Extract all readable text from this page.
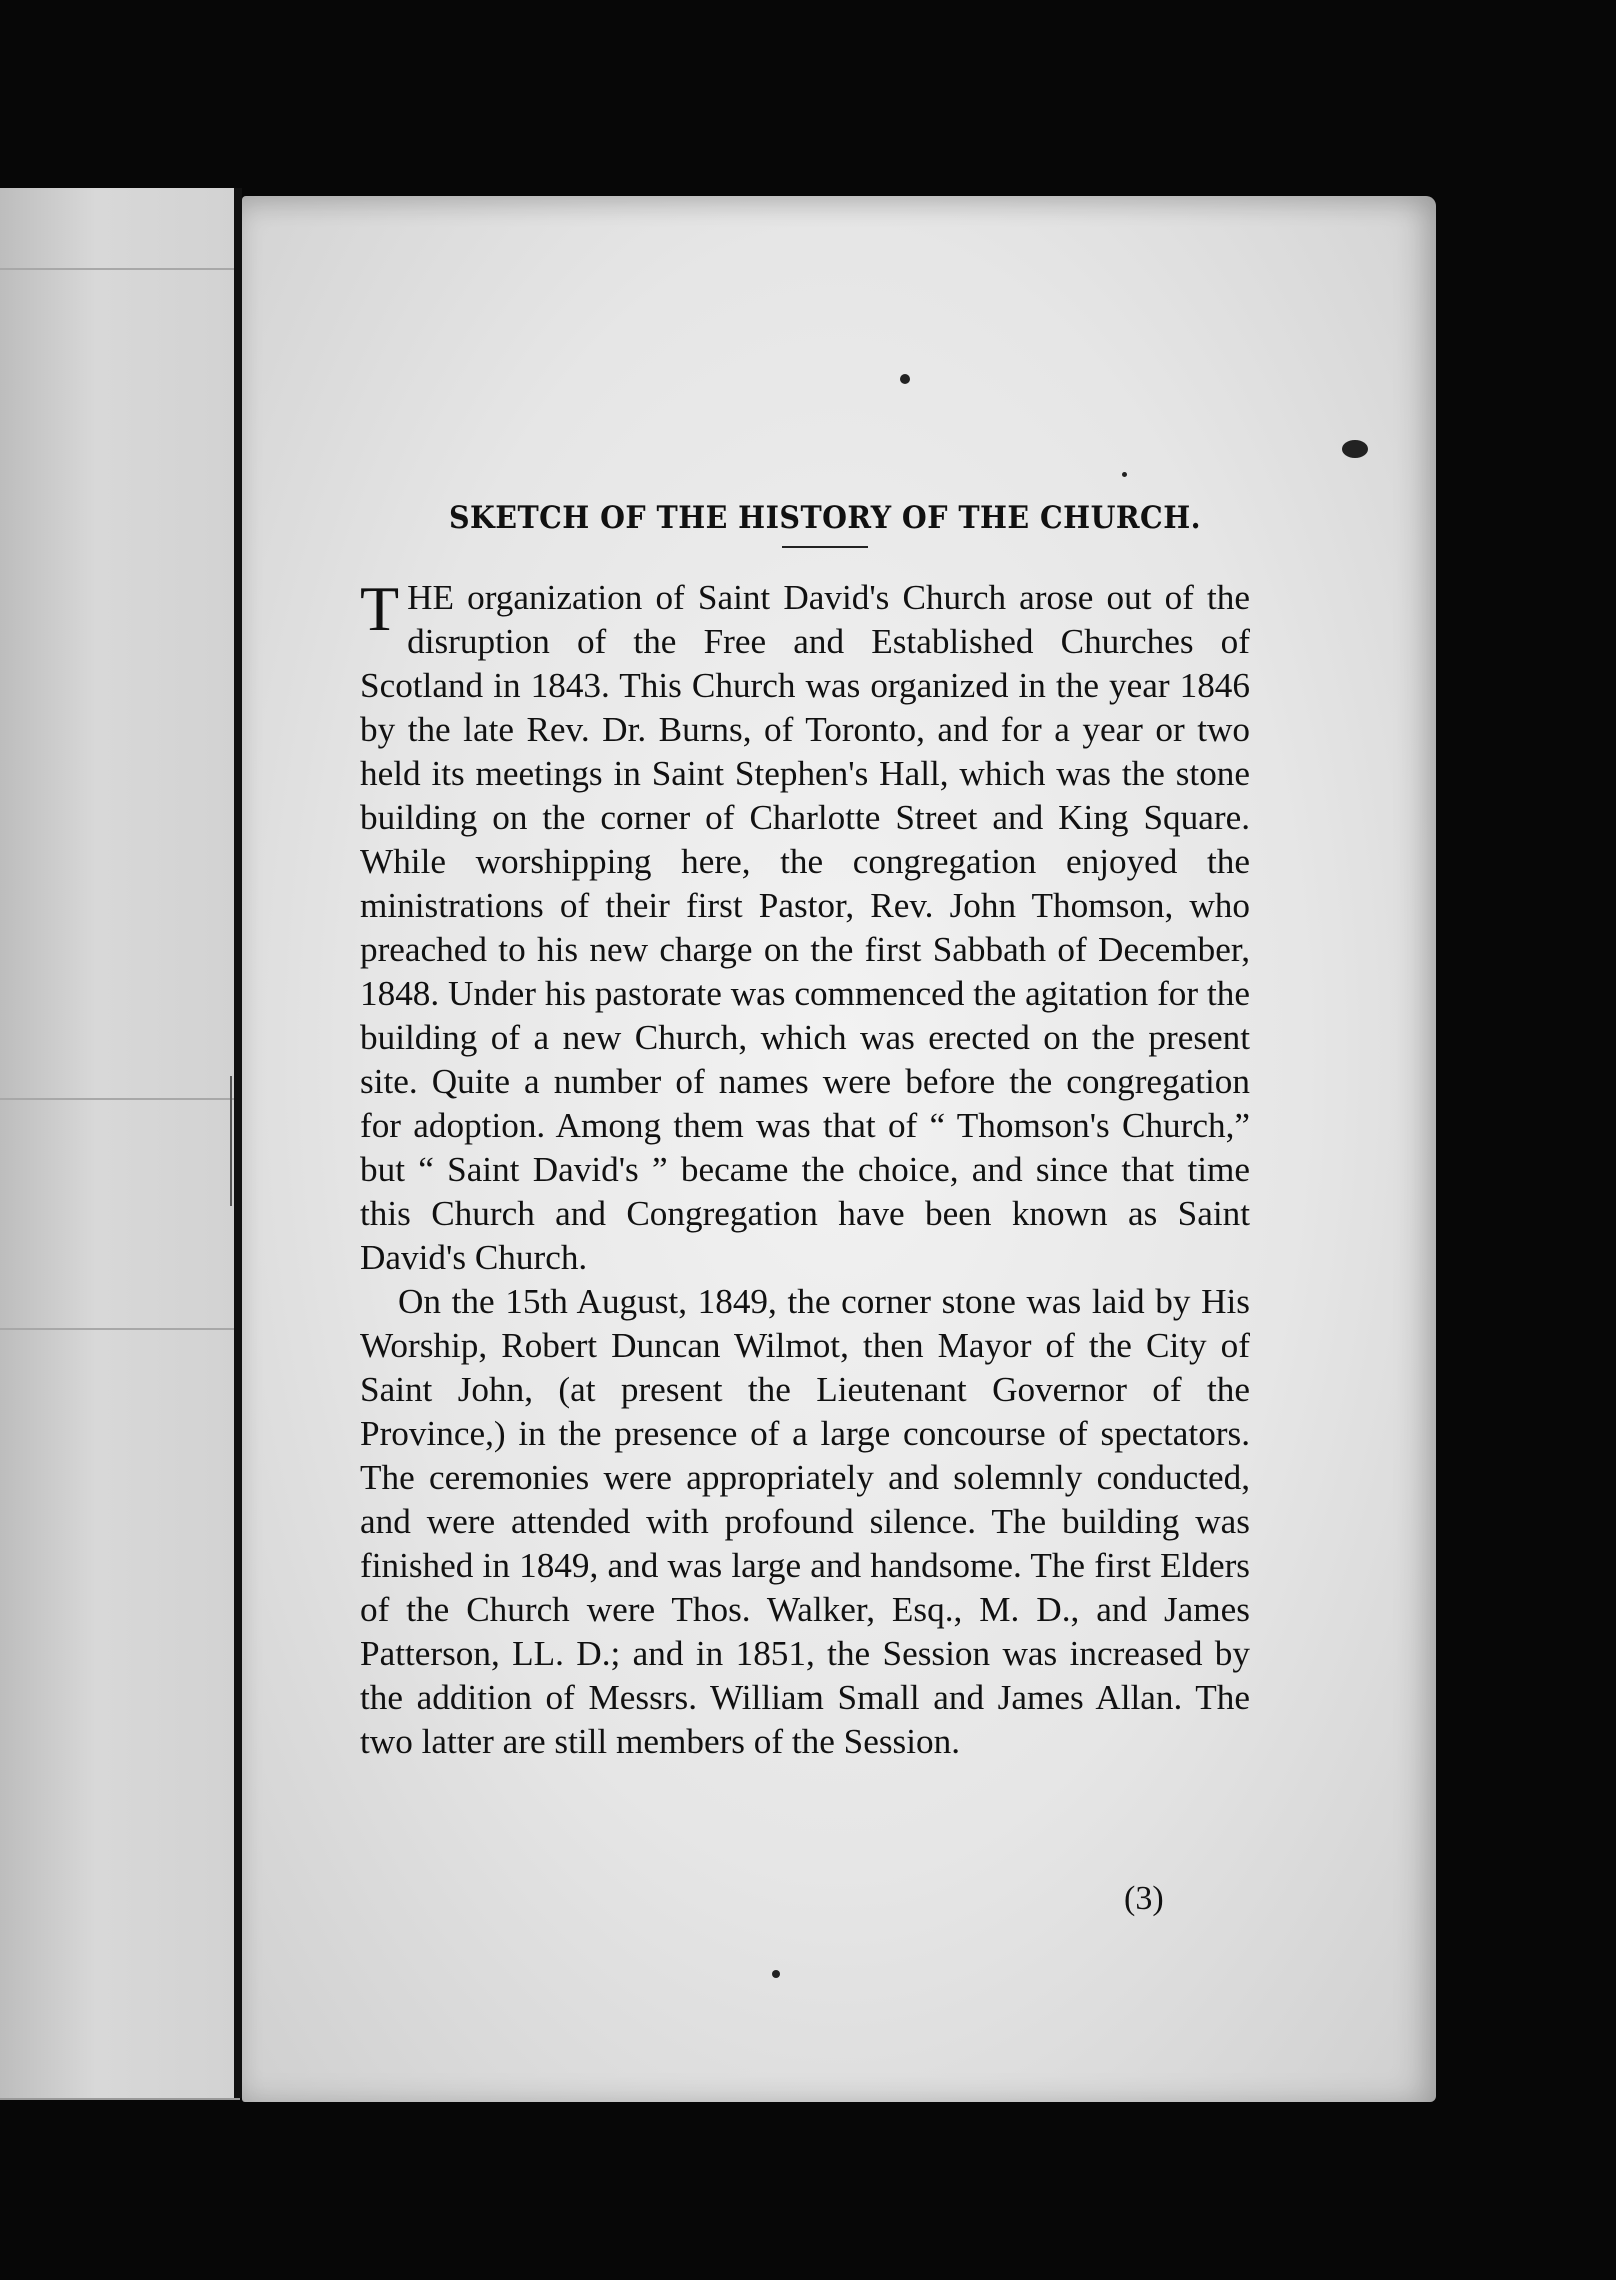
SKETCH OF THE HISTORY OF THE CHURCH.

THE organization of Saint David's Church arose out of the disruption of the Free and Established Churches of Scotland in 1843. This Church was organized in the year 1846 by the late Rev. Dr. Burns, of Toronto, and for a year or two held its meetings in Saint Stephen's Hall, which was the stone building on the corner of Charlotte Street and King Square. While worshipping here, the congregation enjoyed the ministrations of their first Pastor, Rev. John Thomson, who preached to his new charge on the first Sabbath of December, 1848. Under his pastorate was commenced the agitation for the building of a new Church, which was erected on the present site. Quite a number of names were before the congregation for adoption. Among them was that of “ Thomson's Church,” but “ Saint David's ” became the choice, and since that time this Church and Congregation have been known as Saint David's Church.

On the 15th August, 1849, the corner stone was laid by His Worship, Robert Duncan Wilmot, then Mayor of the City of Saint John, (at present the Lieutenant Governor of the Province,) in the presence of a large concourse of spectators. The ceremonies were appropriately and solemnly conducted, and were attended with profound silence. The building was finished in 1849, and was large and handsome. The first Elders of the Church were Thos. Walker, Esq., M. D., and James Patterson, LL. D.; and in 1851, the Session was increased by the addition of Messrs. William Small and James Allan. The two latter are still members of the Session.

(3)
